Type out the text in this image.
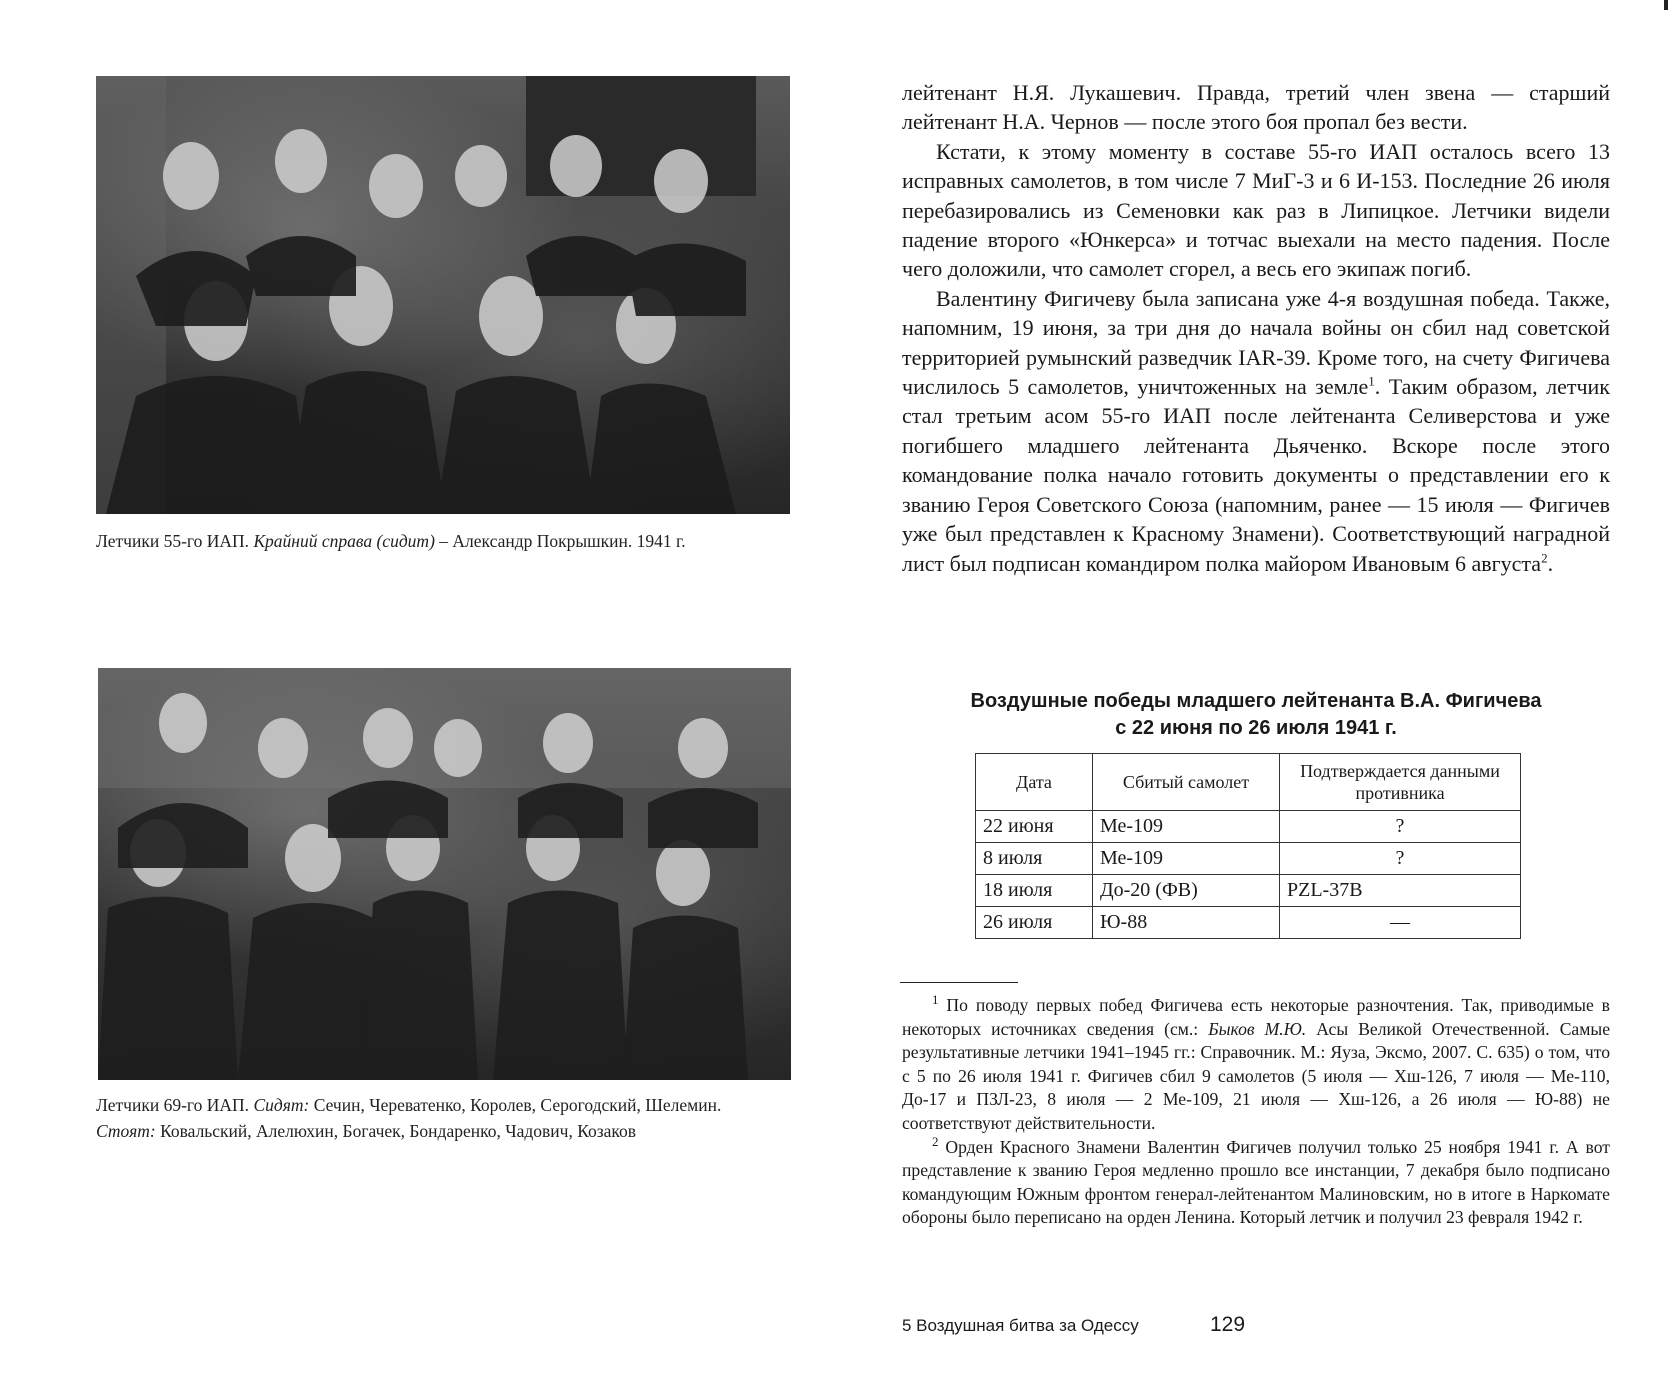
Летчики 55-го ИАП. Крайний справа (сидит) – Александр Покрышкин. 1941 г.
Летчики 69-го ИАП. Сидят: Сечин, Череватенко, Королев, Серогодский, Шелемин. Стоят: Ковальский, Алелюхин, Богачек, Бондаренко, Чадович, Козаков

лейтенант Н.Я. Лукашевич. Правда, третий член звена — старший лейтенант Н.А. Чернов — после этого боя пропал без вести.

Кстати, к этому моменту в составе 55-го ИАП осталось всего 13 исправных самолетов, в том числе 7 МиГ-3 и 6 И-153. Последние 26 июля перебазировались из Семеновки как раз в Липицкое. Летчики видели падение второго «Юнкерса» и тотчас выехали на место падения. После чего доложили, что самолет сгорел, а весь его экипаж погиб.

Валентину Фигичеву была записана уже 4-я воздушная победа. Также, напомним, 19 июня, за три дня до начала войны он сбил над советской территорией румынский разведчик IAR-39. Кроме того, на счету Фигичева числилось 5 самолетов, уничтоженных на земле$^1$. Таким образом, летчик стал третьим асом 55-го ИАП после лейтенанта Селиверстова и уже погибшего младшего лейтенанта Дьяченко. Вскоре после этого командование полка начало готовить документы о представлении его к званию Героя Советского Союза (напомним, ранее — 15 июля — Фигичев уже был представлен к Красному Знамени). Соответствующий наградной лист был подписан командиром полка майором Ивановым 6 августа$^2$.

Воздушные победы младшего лейтенанта В.А. Фигичева
с 22 июня по 26 июля 1941 г.
Дата	Сбитый самолет	Подтверждается данными противника
22 июня	Ме-109	?
8 июля	Ме-109	?
18 июля	До-20 (ФВ)	PZL-37B
26 июля	Ю-88	—

$^1$ По поводу первых побед Фигичева есть некоторые разночтения. Так, приводимые в некоторых источниках сведения (см.: Быков М.Ю. Асы Великой Отечественной. Самые результативные летчики 1941–1945 гг.: Справочник. М.: Яуза, Эксмо, 2007. С. 635) о том, что с 5 по 26 июля 1941 г. Фигичев сбил 9 самолетов (5 июля — Хш-126, 7 июля — Ме-110, До-17 и ПЗЛ-23, 8 июля — 2 Ме-109, 21 июля — Хш-126, а 26 июля — Ю-88) не соответствуют действительности.

$^2$ Орден Красного Знамени Валентин Фигичев получил только 25 ноября 1941 г. А вот представление к званию Героя медленно прошло все инстанции, 7 декабря было подписано командующим Южным фронтом генерал-лейтенантом Малиновским, но в итоге в Наркомате обороны было переписано на орден Ленина. Который летчик и получил 23 февраля 1942 г.

5 Воздушная битва за Одессу	129
